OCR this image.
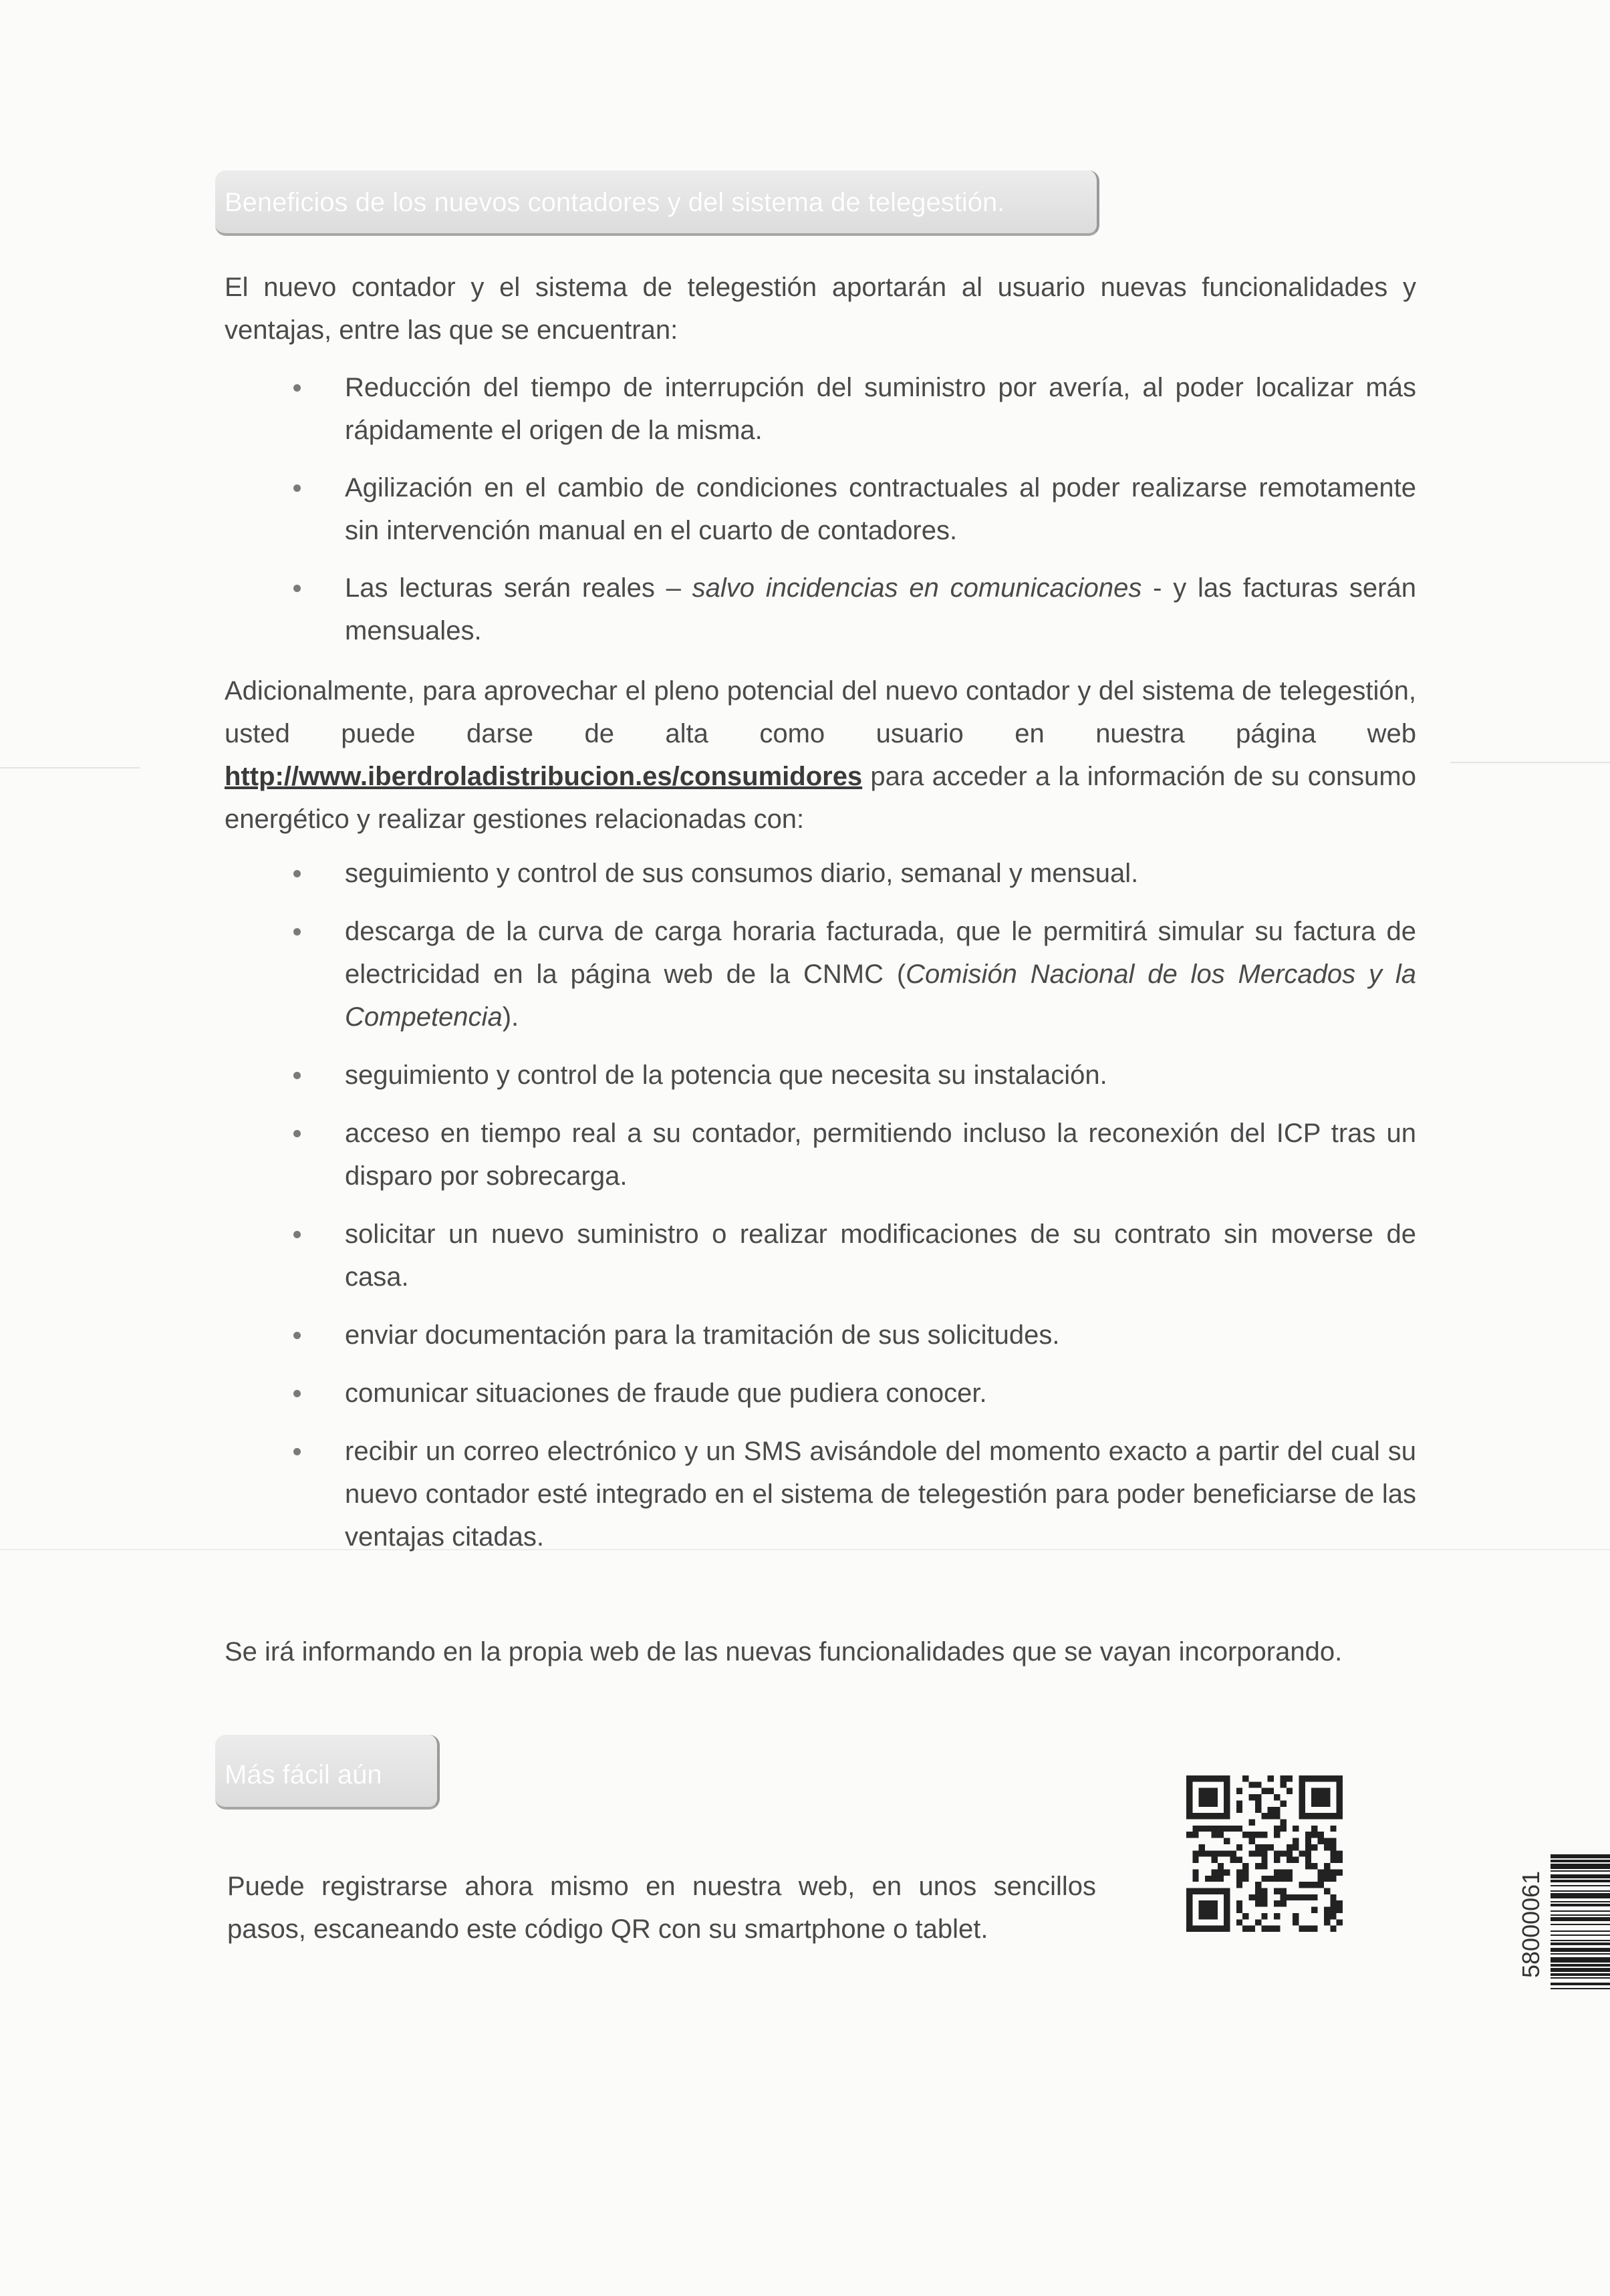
Beneficios de los nuevos contadores y del sistema de telegestión.
El nuevo contador y el sistema de telegestión aportarán al usuario nuevas funcionalidades y ventajas, entre las que se encuentran:
Reducción del tiempo de interrupción del suministro por avería, al poder localizar más rápidamente el origen de la misma.
Agilización en el cambio de condiciones contractuales al poder realizarse remotamente sin intervención manual en el cuarto de contadores.
Las lecturas serán reales – salvo incidencias en comunicaciones - y las facturas serán mensuales.
Adicionalmente, para aprovechar el pleno potencial del nuevo contador y del sistema de telegestión, usted puede darse de alta como usuario en nuestra página web http://www.iberdroladistribucion.es/consumidores para acceder a la información de su consumo energético y realizar gestiones relacionadas con:
seguimiento y control de sus consumos diario, semanal y mensual.
descarga de la curva de carga horaria facturada, que le permitirá simular su factura de electricidad en la página web de la CNMC (Comisión Nacional de los Mercados y la Competencia).
seguimiento y control de la potencia que necesita su instalación.
acceso en tiempo real a su contador, permitiendo incluso la reconexión del ICP tras un disparo por sobrecarga.
solicitar un nuevo suministro o realizar modificaciones de su contrato sin moverse de casa.
enviar documentación para la tramitación de sus solicitudes.
comunicar situaciones de fraude que pudiera conocer.
recibir un correo electrónico y un SMS avisándole del momento exacto a partir del cual su nuevo contador esté integrado en el sistema de telegestión para poder beneficiarse de las ventajas citadas.
Se irá informando en la propia web de las nuevas funcionalidades que se vayan incorporando.
Más fácil aún
Puede registrarse ahora mismo en nuestra web, en unos sencillos pasos, escaneando este código QR con su smartphone o tablet.	58000061
